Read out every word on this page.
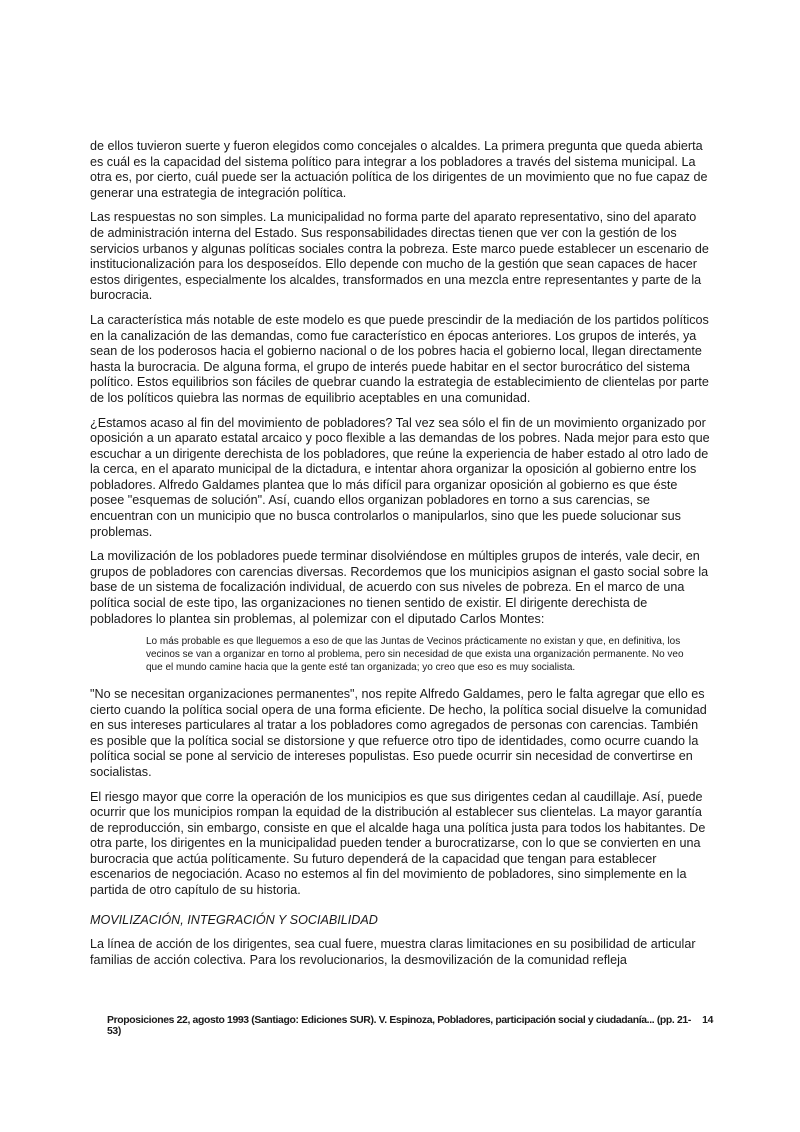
de ellos tuvieron suerte y fueron elegidos como concejales o alcaldes. La primera pregunta que queda abierta es cuál es la capacidad del sistema político para integrar a los pobladores a través del sistema municipal. La otra es, por cierto, cuál puede ser la actuación política de los dirigentes de un movimiento que no fue capaz de generar una estrategia de integración política.

Las respuestas no son simples. La municipalidad no forma parte del aparato representativo, sino del aparato de administración interna del Estado. Sus responsabilidades directas tienen que ver con la gestión de los servicios urbanos y algunas políticas sociales contra la pobreza. Este marco puede establecer un escenario de institucionalización para los desposeídos. Ello depende con mucho de la gestión que sean capaces de hacer estos dirigentes, especialmente los alcaldes, transformados en una mezcla entre representantes y parte de la burocracia.

La característica más notable de este modelo es que puede prescindir de la mediación de los partidos políticos en la canalización de las demandas, como fue característico en épocas anteriores. Los grupos de interés, ya sean de los poderosos hacia el gobierno nacional o de los pobres hacia el gobierno local, llegan directamente hasta la burocracia. De alguna forma, el grupo de interés puede habitar en el sector burocrático del sistema político. Estos equilibrios son fáciles de quebrar cuando la estrategia de establecimiento de clientelas por parte de los políticos quiebra las normas de equilibrio aceptables en una comunidad.

¿Estamos acaso al fin del movimiento de pobladores? Tal vez sea sólo el fin de un movimiento organizado por oposición a un aparato estatal arcaico y poco flexible a las demandas de los pobres. Nada mejor para esto que escuchar a un dirigente derechista de los pobladores, que reúne la experiencia de haber estado al otro lado de la cerca, en el aparato municipal de la dictadura, e intentar ahora organizar la oposición al gobierno entre los pobladores. Alfredo Galdames plantea que lo más difícil para organizar oposición al gobierno es que éste posee "esquemas de solución". Así, cuando ellos organizan pobladores en torno a sus carencias, se encuentran con un municipio que no busca controlarlos o manipularlos, sino que les puede solucionar sus problemas.

La movilización de los pobladores puede terminar disolviéndose en múltiples grupos de interés, vale decir, en grupos de pobladores con carencias diversas. Recordemos que los municipios asignan el gasto social sobre la base de un sistema de focalización individual, de acuerdo con sus niveles de pobreza. En el marco de una política social de este tipo, las organizaciones no tienen sentido de existir. El dirigente derechista de pobladores lo plantea sin problemas, al polemizar con el diputado Carlos Montes:

Lo más probable es que lleguemos a eso de que las Juntas de Vecinos prácticamente no existan y que, en definitiva, los vecinos se van a organizar en torno al problema, pero sin necesidad de que exista una organización permanente. No veo que el mundo camine hacia que la gente esté tan organizada; yo creo que eso es muy socialista.

"No se necesitan organizaciones permanentes", nos repite Alfredo Galdames, pero le falta agregar que ello es cierto cuando la política social opera de una forma eficiente. De hecho, la política social disuelve la comunidad en sus intereses particulares al tratar a los pobladores como agregados de personas con carencias. También es posible que la política social se distorsione y que refuerce otro tipo de identidades, como ocurre cuando la política social se pone al servicio de intereses populistas. Eso puede ocurrir sin necesidad de convertirse en socialistas.

El riesgo mayor que corre la operación de los municipios es que sus dirigentes cedan al caudillaje. Así, puede ocurrir que los municipios rompan la equidad de la distribución al establecer sus clientelas. La mayor garantía de reproducción, sin embargo, consiste en que el alcalde haga una política justa para todos los habitantes. De otra parte, los dirigentes en la municipalidad pueden tender a burocratizarse, con lo que se convierten en una burocracia que actúa políticamente. Su futuro dependerá de la capacidad que tengan para establecer escenarios de negociación. Acaso no estemos al fin del movimiento de pobladores, sino simplemente en la partida de otro capítulo de su historia.

MOVILIZACIÓN, INTEGRACIÓN Y SOCIABILIDAD

La línea de acción de los dirigentes, sea cual fuere, muestra claras limitaciones en su posibilidad de articular familias de acción colectiva. Para los revolucionarios, la desmovilización de la comunidad refleja

Proposiciones 22, agosto 1993 (Santiago: Ediciones SUR). V. Espinoza, Pobladores, participación social y ciudadanía... (pp. 21-53)
14
